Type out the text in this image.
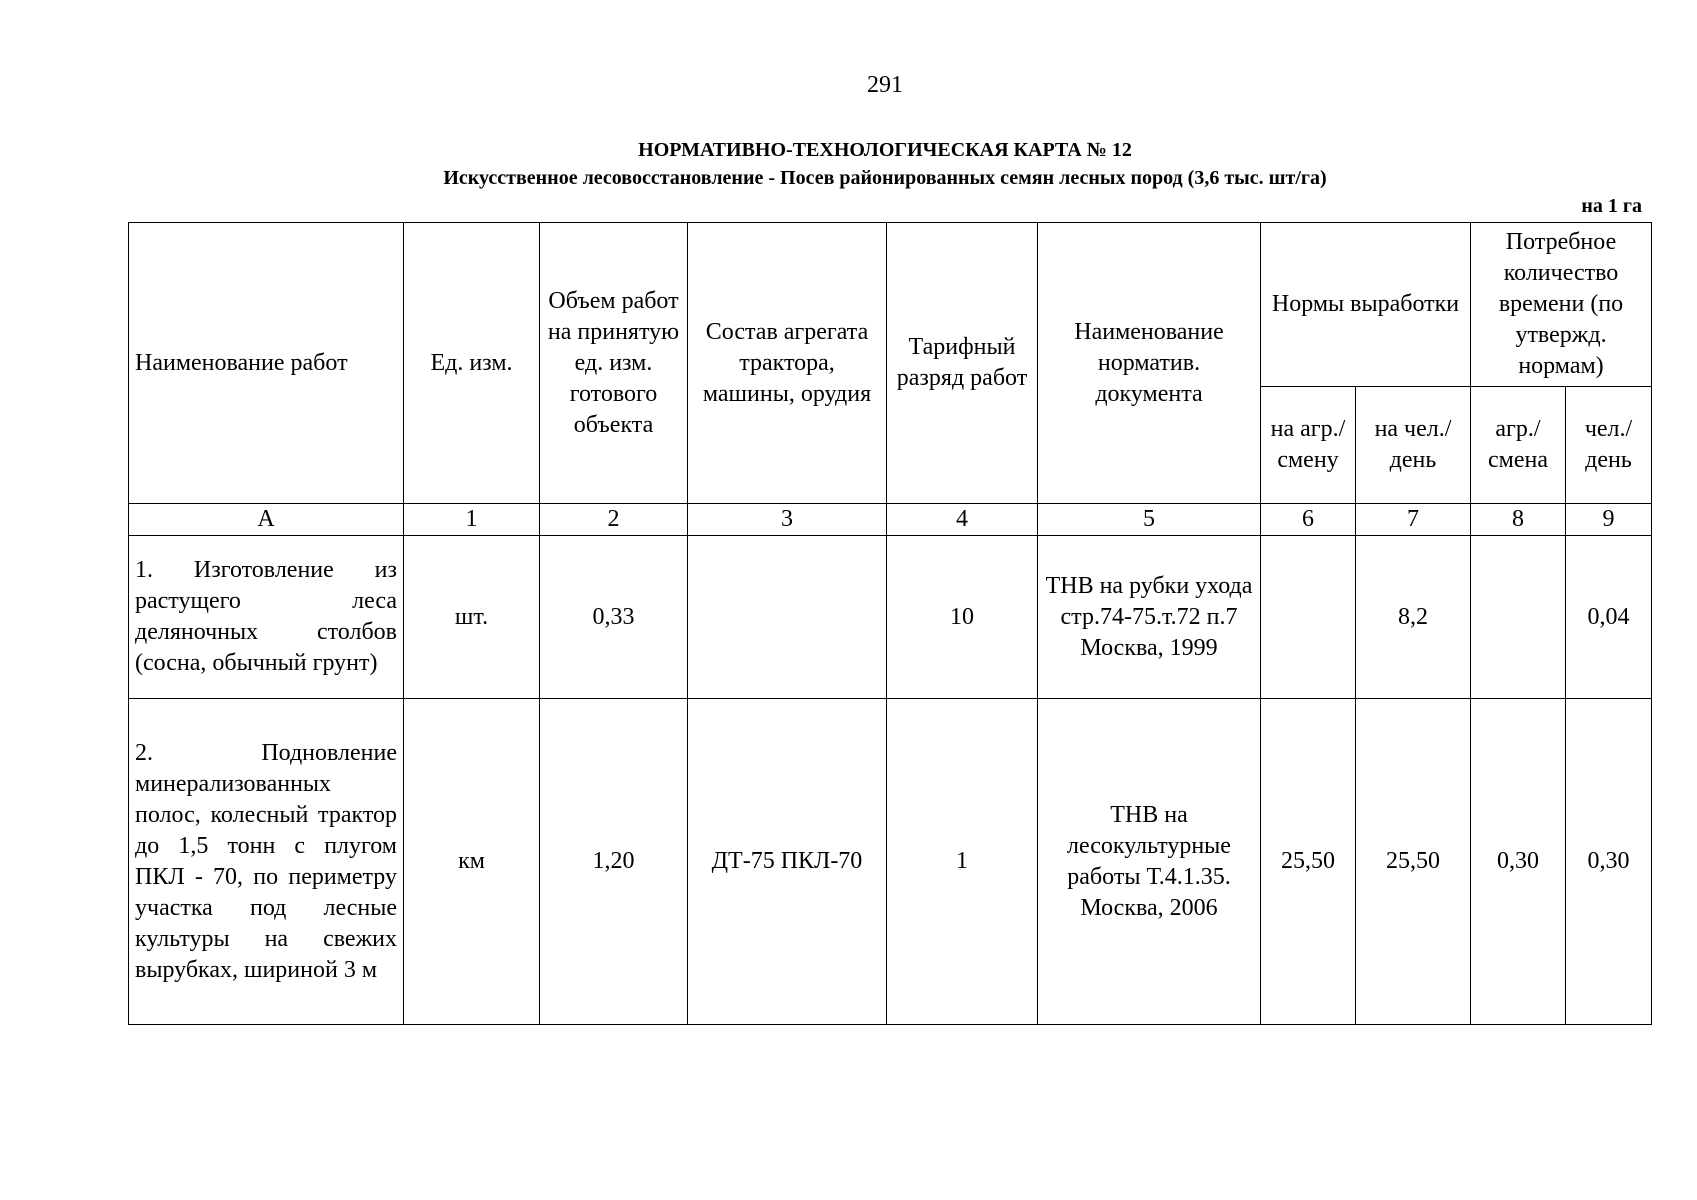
291
НОРМАТИВНО-ТЕХНОЛОГИЧЕСКАЯ КАРТА № 12
Искусственное лесовосстановление - Посев районированных семян лесных пород (3,6 тыс. шт/га)
на 1 га
Наименование работ	Ед. изм.	Объем работ на принятую ед. изм. готового объекта	Состав агрегата трактора, машины, орудия	Тарифный разряд работ	Наименование норматив. документа	Нормы выработки		Потребное количество времени (по утвержд. нормам)	
						на агр./ смену	на чел./ день	агр./ смена	чел./ день
А	1	2	3	4	5	6	7	8	9
1. Изготовление из растущего леса деляночных столбов (сосна, обычный грунт)	шт.	0,33		10	ТНВ на рубки ухода стр.74-75.т.72 п.7 Москва, 1999		8,2		0,04
2. Подновление минерализованных полос, колесный трактор до 1,5 тонн с плугом ПКЛ - 70, по периметру участка под лесные культуры на свежих вырубках, шириной 3 м	км	1,20	ДТ-75 ПКЛ-70	1	ТНВ на лесокультурные работы Т.4.1.35. Москва, 2006	25,50	25,50	0,30	0,30
